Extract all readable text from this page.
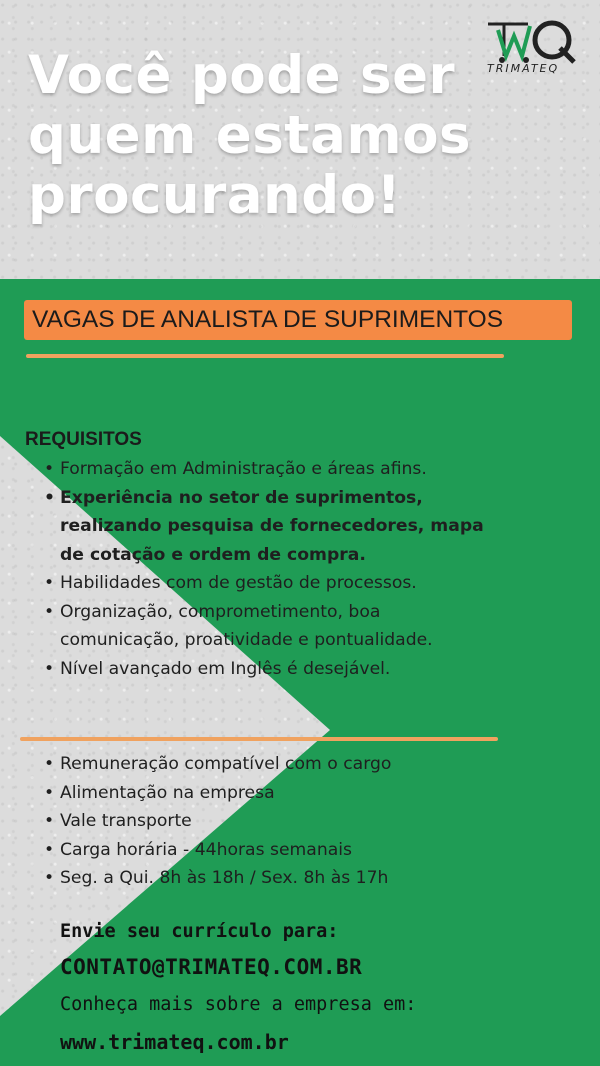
Você pode ser
quem estamos
procurando!
TRIMATEQ
VAGAS DE ANALISTA DE SUPRIMENTOS
REQUISITOS
• Formação em Administração e áreas afins.
• Experiência no setor de suprimentos,
realizando pesquisa de fornecedores, mapa
de cotação e ordem de compra.
• Habilidades com de gestão de processos.
• Organização, comprometimento, boa
comunicação, proatividade e pontualidade.
• Nível avançado em Inglês é desejável.
• Remuneração compatível com o cargo
• Alimentação na empresa
• Vale transporte
• Carga horária - 44horas semanais
• Seg. a Qui. 8h às 18h / Sex. 8h às 17h

Envie seu currículo para:

CONTATO@TRIMATEQ.COM.BR

Conheça mais sobre a empresa em:

www.trimateq.com.br
